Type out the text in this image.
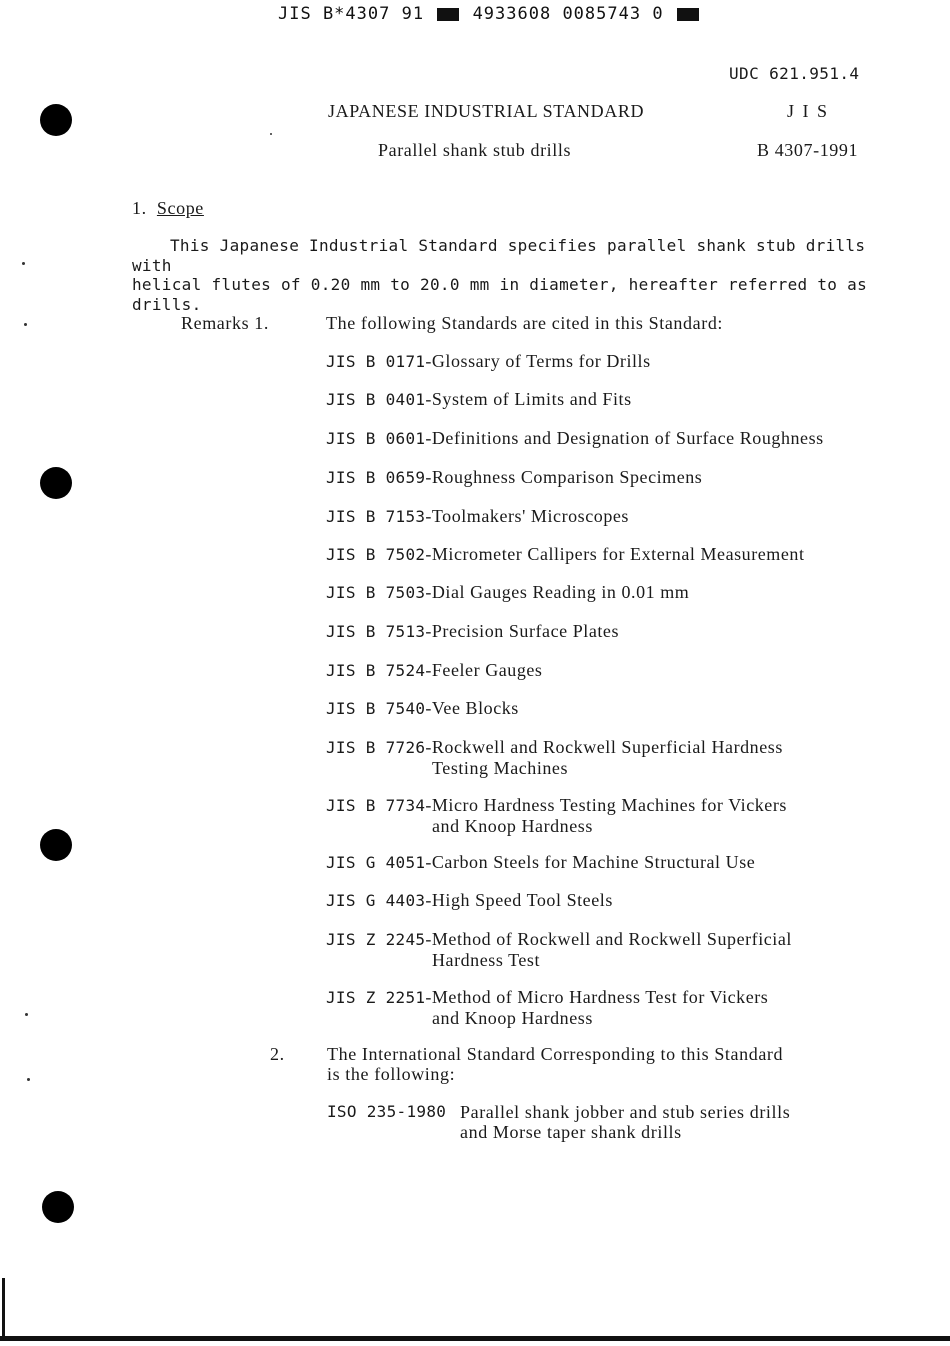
JIS B*4307 91	4933608 0085743 0
UDC 621.951.4
JAPANESE INDUSTRIAL STANDARD	J I S
Parallel shank stub drills	B 4307-1991
1. Scope
This Japanese Industrial Standard specifies parallel shank stub drills with
helical flutes of 0.20 mm to 20.0 mm in diameter, hereafter referred to as
drills.
Remarks 1.	The following Standards are cited in this Standard:
JIS B 0171-Glossary of Terms for Drills
JIS B 0401-System of Limits and Fits
JIS B 0601-Definitions and Designation of Surface Roughness
JIS B 0659-Roughness Comparison Specimens
JIS B 7153-Toolmakers' Microscopes
JIS B 7502-Micrometer Callipers for External Measurement
JIS B 7503-Dial Gauges Reading in 0.01 mm
JIS B 7513-Precision Surface Plates
JIS B 7524-Feeler Gauges
JIS B 7540-Vee Blocks
JIS B 7726-Rockwell and Rockwell Superficial Hardness
Testing Machines
JIS B 7734-Micro Hardness Testing Machines for Vickers
and Knoop Hardness
JIS G 4051-Carbon Steels for Machine Structural Use
JIS G 4403-High Speed Tool Steels
JIS Z 2245-Method of Rockwell and Rockwell Superficial
Hardness Test
JIS Z 2251-Method of Micro Hardness Test for Vickers
and Knoop Hardness
2. The International Standard Corresponding to this Standard
is the following:
ISO 235-1980 Parallel shank jobber and stub series drills
and Morse taper shank drills
